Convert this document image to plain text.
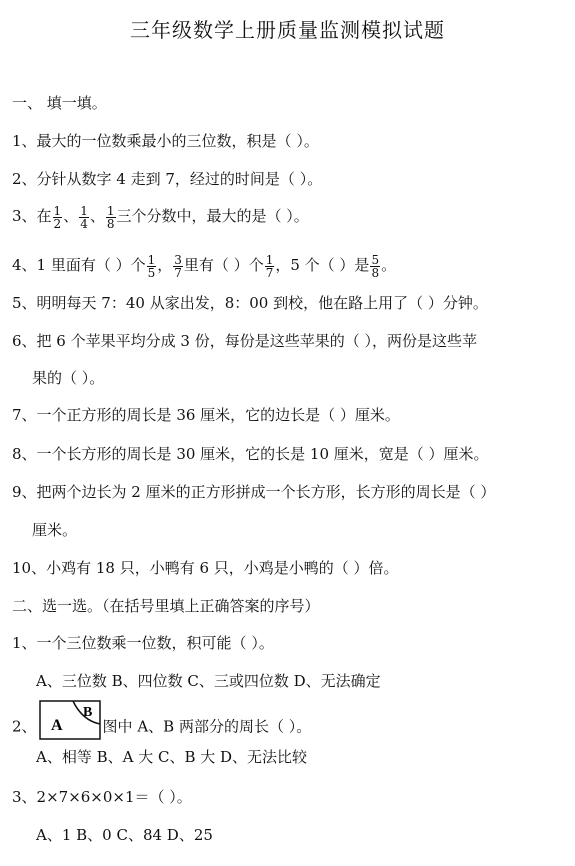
三年级数学上册质量监测模拟试题
一、 填一填。
1、最大的一位数乘最小的三位数，积是（ ）。
2、分针从数字 4 走到 7，经过的时间是（ ）。
3、在 $\frac{1}{2}$ 、 $\frac{1}{4}$ 、 $\frac{1}{8}$ 三个分数中，最大的是（ ）。
4、1 里面有（ ）个 $\frac{1}{5}$ ， $\frac{3}{7}$ 里有（ ）个 $\frac{1}{7}$ ，5 个（ ）是 $\frac{5}{8}$ 。
5、明明每天 7：40 从家出发，8：00 到校，他在路上用了（ ）分钟。
6、把 6 个苹果平均分成 3 份，每份是这些苹果的（ ），两份是这些苹
果的（ ）。
7、一个正方形的周长是 36 厘米，它的边长是（ ）厘米。
8、一个长方形的周长是 30 厘米，它的长是 10 厘米，宽是（ ）厘米。
9、把两个边长为 2 厘米的正方形拼成一个长方形，长方形的周长是（ ）
厘米。
10、小鸡有 18 只，小鸭有 6 只，小鸡是小鸭的（ ）倍。
二、选一选。（在括号里填上正确答案的序号）
1、一个三位数乘一位数，积可能（ ）。
A、三位数 B、四位数 C、三或四位数 D、无法确定
2、 A
B
图中 A、B 两部分的周长（ ）。
A、相等 B、A 大 C、B 大 D、无法比较
3、2×7×6×0×1＝（ ）。
A、1 B、0 C、84 D、25
